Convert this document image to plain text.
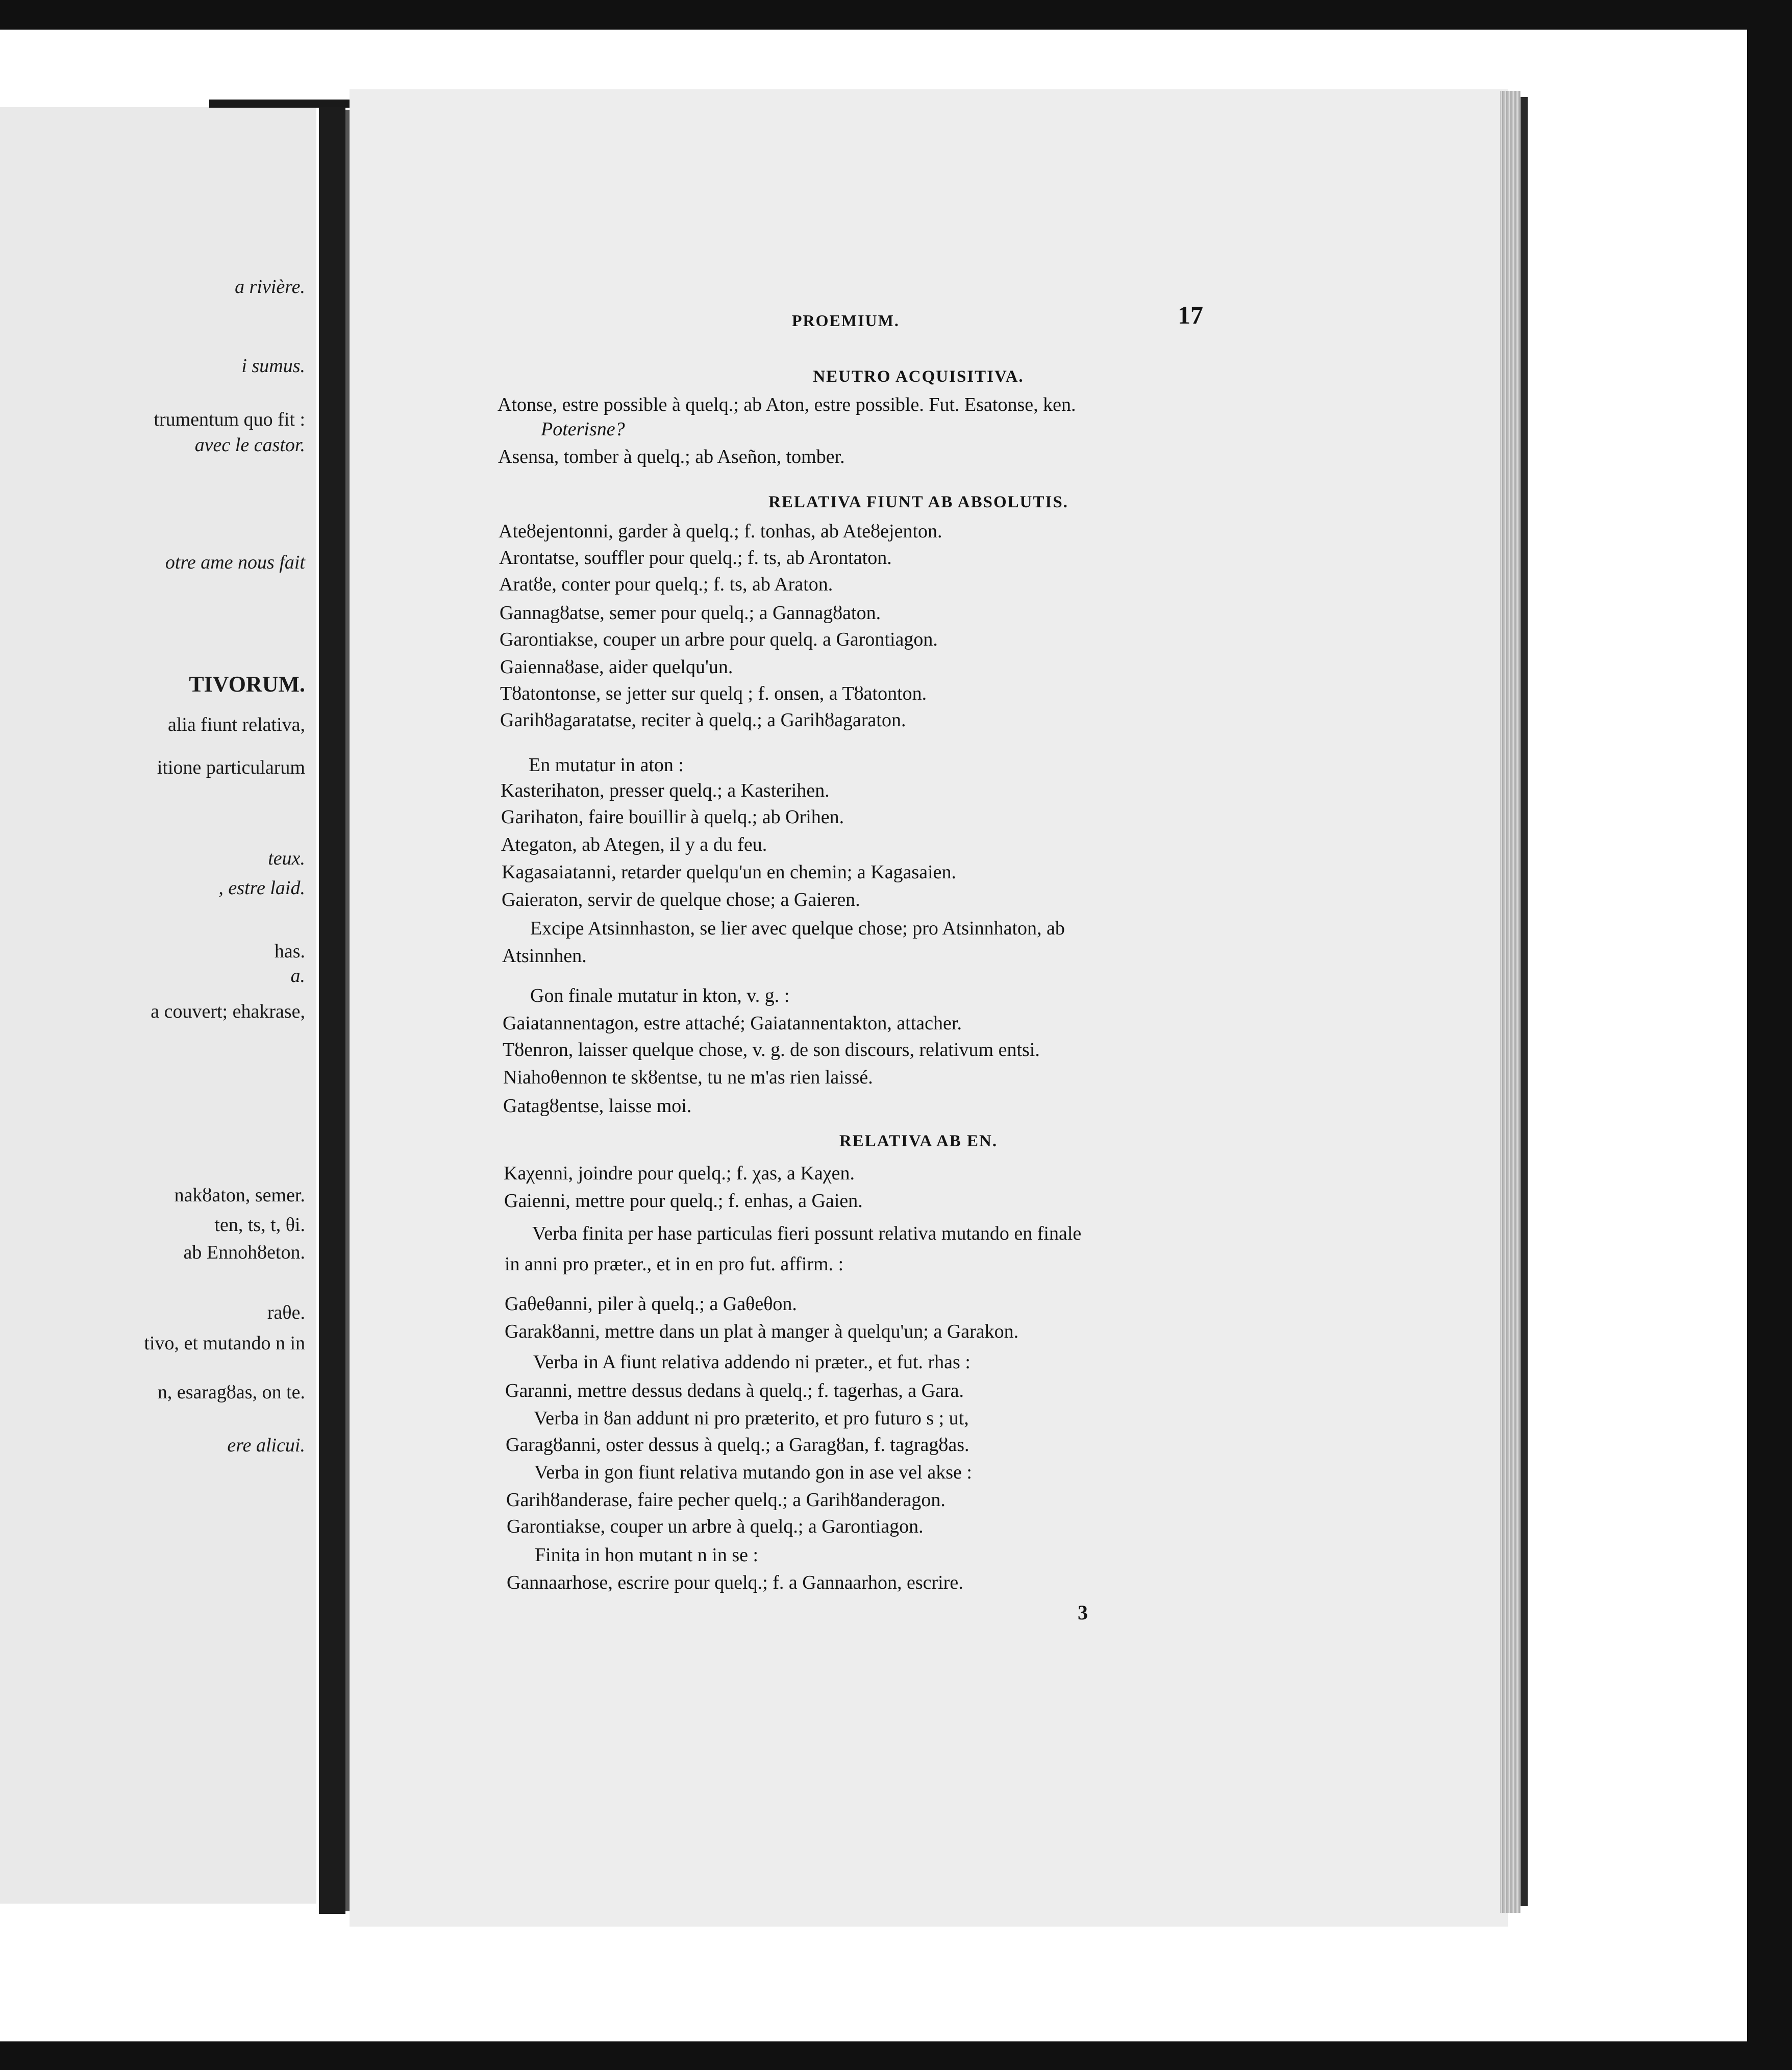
a rivière.
i sumus.
trumentum quo fit :
avec le castor.
otre ame nous fait
TIVORUM.
alia fiunt relativa,
itione particularum
teux.
, estre laid.
has.
a.
a couvert; ehakrase,
nakȣaton, semer.
ten, ts, t, θi.
ab Ennohȣeton.
raθe.
tivo, et mutando n in
n, esaragȣas, on te.
ere alicui.
PROEMIUM.	17
3
NEUTRO ACQUISITIVA.
Atonse, estre possible à quelq.; ab Aton, estre possible. Fut. Esatonse, ken.
Poterisne?
Asensa, tomber à quelq.; ab Aseñon, tomber.
RELATIVA FIUNT AB ABSOLUTIS.
Ateȣejentonni, garder à quelq.; f. tonhas, ab Ateȣejenton.
Arontatse, souffler pour quelq.; f. ts, ab Arontaton.
Aratȣe, conter pour quelq.; f. ts, ab Araton.
Gannagȣatse, semer pour quelq.; a Gannagȣaton.
Garontiakse, couper un arbre pour quelq. a Garontiagon.
Gaiennaȣase, aider quelqu'un.
Tȣatontonse, se jetter sur quelq ; f. onsen, a Tȣatonton.
Garihȣagaratatse, reciter à quelq.; a Garihȣagaraton.
En mutatur in aton :
Kasterihaton, presser quelq.; a Kasterihen.
Garihaton, faire bouillir à quelq.; ab Orihen.
Ategaton, ab Ategen, il y a du feu.
Kagasaiatanni, retarder quelqu'un en chemin; a Kagasaien.
Gaieraton, servir de quelque chose; a Gaieren.
Excipe Atsinnhaston, se lier avec quelque chose; pro Atsinnhaton, ab
Atsinnhen.
Gon finale mutatur in kton, v. g. :
Gaiatannentagon, estre attaché; Gaiatannentakton, attacher.
Tȣenron, laisser quelque chose, v. g. de son discours, relativum entsi.
Niahoθennon te skȣentse, tu ne m'as rien laissé.
Gatagȣentse, laisse moi.
RELATIVA AB EN.
Kaχenni, joindre pour quelq.; f. χas, a Kaχen.
Gaienni, mettre pour quelq.; f. enhas, a Gaien.
Verba finita per hase particulas fieri possunt relativa mutando en finale
in anni pro præter., et in en pro fut. affirm. :
Gaθeθanni, piler à quelq.; a Gaθeθon.
Garakȣanni, mettre dans un plat à manger à quelqu'un; a Garakon.
Verba in A fiunt relativa addendo ni præter., et fut. rhas :
Garanni, mettre dessus dedans à quelq.; f. tagerhas, a Gara.
Verba in ȣan addunt ni pro præterito, et pro futuro s ; ut,
Garagȣanni, oster dessus à quelq.; a Garagȣan, f. tagragȣas.
Verba in gon fiunt relativa mutando gon in ase vel akse :
Garihȣanderase, faire pecher quelq.; a Garihȣanderagon.
Garontiakse, couper un arbre à quelq.; a Garontiagon.
Finita in hon mutant n in se :
Gannaarhose, escrire pour quelq.; f. a Gannaarhon, escrire.
